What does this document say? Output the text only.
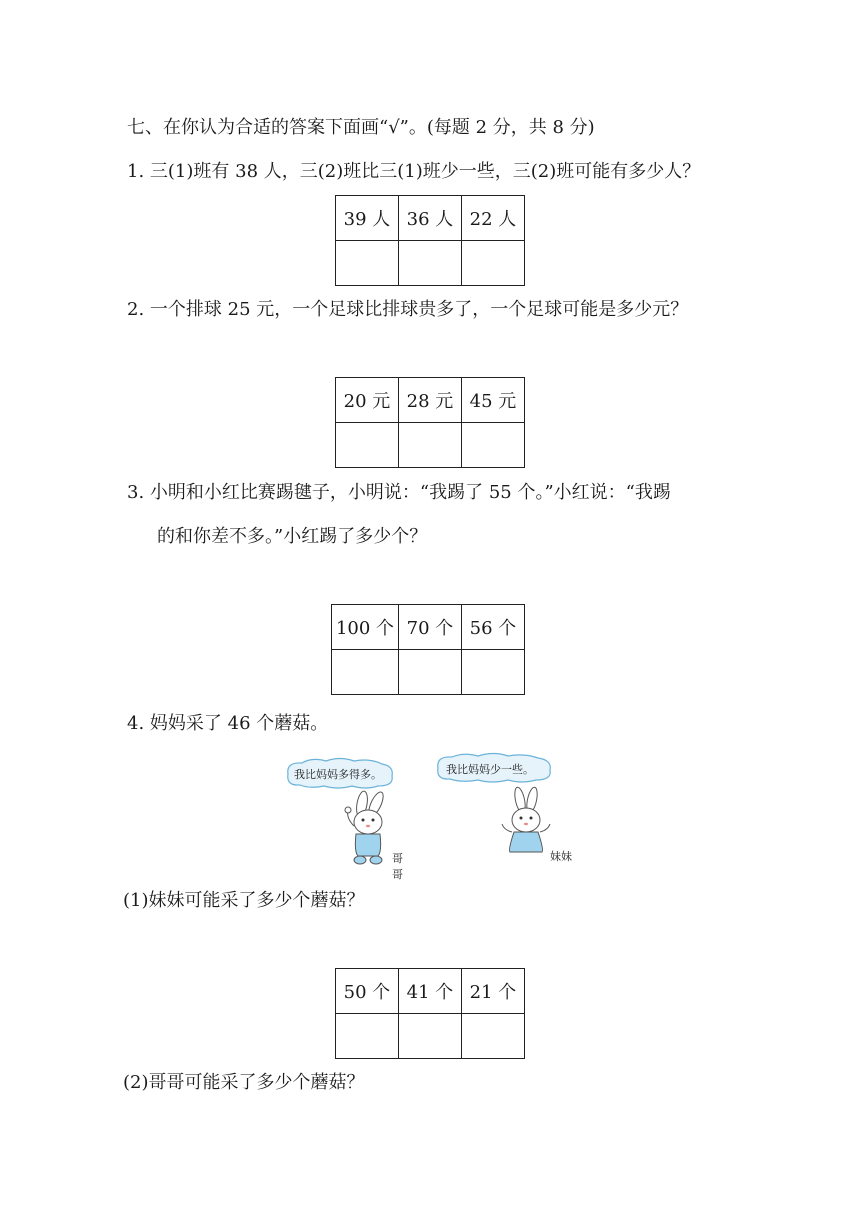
七、在你认为合适的答案下面画“√”。(每题 2 分，共 8 分)
1. 三(1)班有 38 人，三(2)班比三(1)班少一些，三(2)班可能有多少人？
39 人	36 人	22 人

2. 一个排球 25 元，一个足球比排球贵多了，一个足球可能是多少元？
20 元	28 元	45 元

3. 小明和小红比赛踢毽子，小明说：“我踢了 55 个。”小红说：“我踢
的和你差不多。”小红踢了多少个？
100 个	70 个	56 个

4. 妈妈采了 46 个蘑菇。
我比妈妈多得多。
哥哥
我比妈妈少一些。
妹妹
(1)妹妹可能采了多少个蘑菇？
50 个	41 个	21 个

(2)哥哥可能采了多少个蘑菇？
